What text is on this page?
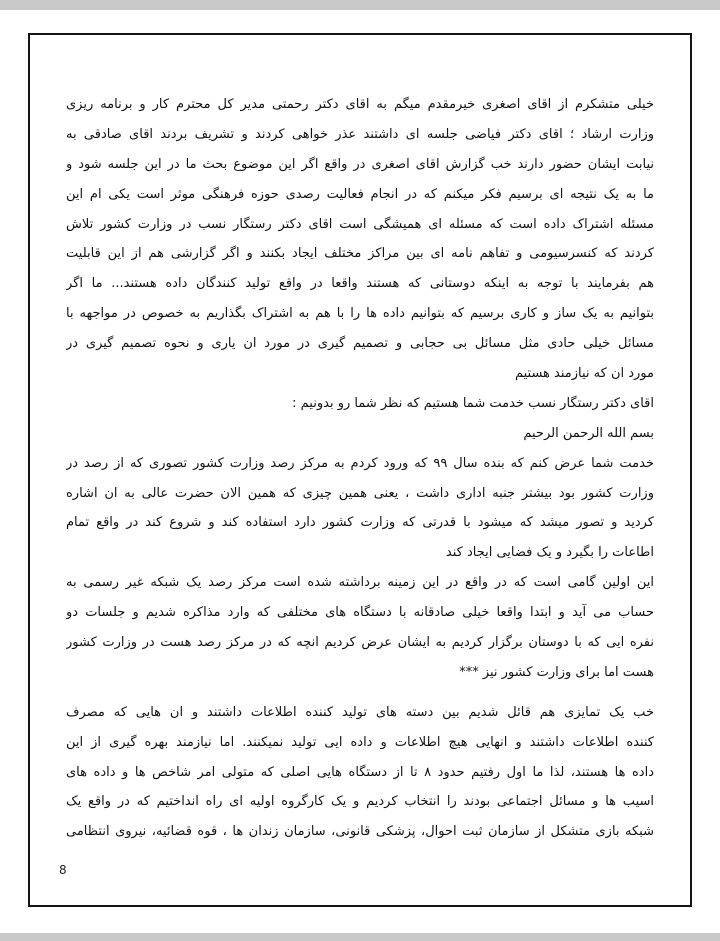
خیلی متشکرم از اقای اصغری خیرمقدم میگم به اقای دکتر رحمتی مدیر کل محترم کار و برنامه ریزی
وزارت ارشاد ؛ اقای دکتر فیاضی جلسه ای داشتند عذر خواهی کردند و تشریف بردند اقای صادقی به
نیابت ایشان حضور دارند خب گزارش اقای اصغری در واقع اگر این موضوع بحث ما در این جلسه شود و
ما به یک نتیجه ای برسیم فکر میکنم که در انجام فعالیت رصدی حوزه فرهنگی موثر است یکی ام این
مسئله اشتراک داده است که مسئله ای همیشگی است اقای دکتر رستگار نسب در وزارت کشور تلاش
کردند که کنسرسیومی و تفاهم نامه ای بین مراکز مختلف ایجاد بکنند و اگر گزارشی هم از این قابلیت
هم بفرمایند با توجه به اینکه دوستانی که هستند واقعا در واقع تولید کنندگان داده هستند... ما اگر
بتوانیم به یک ساز و کاری برسیم که بتوانیم داده ها را با هم به اشتراک بگذاریم به خصوص در مواجهه با
مسائل خیلی حادی مثل مسائل بی حجابی و تصمیم گیری در مورد ان یاری و نحوه تصمیم گیری در
مورد ان که نیازمند هستیم
اقای دکتر رستگار نسب خدمت شما هستیم که نظر شما رو بدونیم :
بسم الله الرحمن الرحیم
خدمت شما عرض کنم که بنده سال ۹۹ که ورود کردم به مرکز رصد وزارت کشور تصوری که از رصد در
وزارت کشور بود بیشتر جنبه اداری داشت ، یعنی همین چیزی که همین الان حضرت عالی به ان اشاره
کردید و تصور میشد که میشود با قدرتی که وزارت کشور دارد استفاده کند و شروع کند در واقع تمام
اطاعات را بگیرد و یک فضایی ایجاد کند
این اولین گامی است که در واقع در این زمینه برداشته شده است مرکز رصد یک شبکه غیر رسمی به
حساب می آید و ابتدا واقعا خیلی صادقانه با دستگاه های مختلفی که وارد مذاکره شدیم و جلسات دو
نفره ایی که با دوستان برگزار کردیم به ایشان عرض کردیم انچه که در مرکز رصد هست در وزارت کشور
هست اما برای وزارت کشور نیز ***
خب یک تمایزی هم قائل شدیم بین دسته های تولید کننده اطلاعات داشتند و ان هایی که مصرف
کننده اطلاعات داشتند و انهایی هیچ اطلاعات و داده ایی تولید نمیکنند. اما نیازمند بهره گیری از این
داده ها هستند، لذا ما اول رفتیم حدود ۸ تا از دستگاه هایی اصلی که متولی امر شاخص ها و داده های
اسیب ها و مسائل اجتماعی بودند را انتخاب کردیم و یک کارگروه اولیه ای راه انداختیم که در واقع یک
شبکه بازی متشکل از سازمان ثبت احوال، پزشکی قانونی، سازمان زندان ها ، قوه قضائیه، نیروی انتظامی
8
